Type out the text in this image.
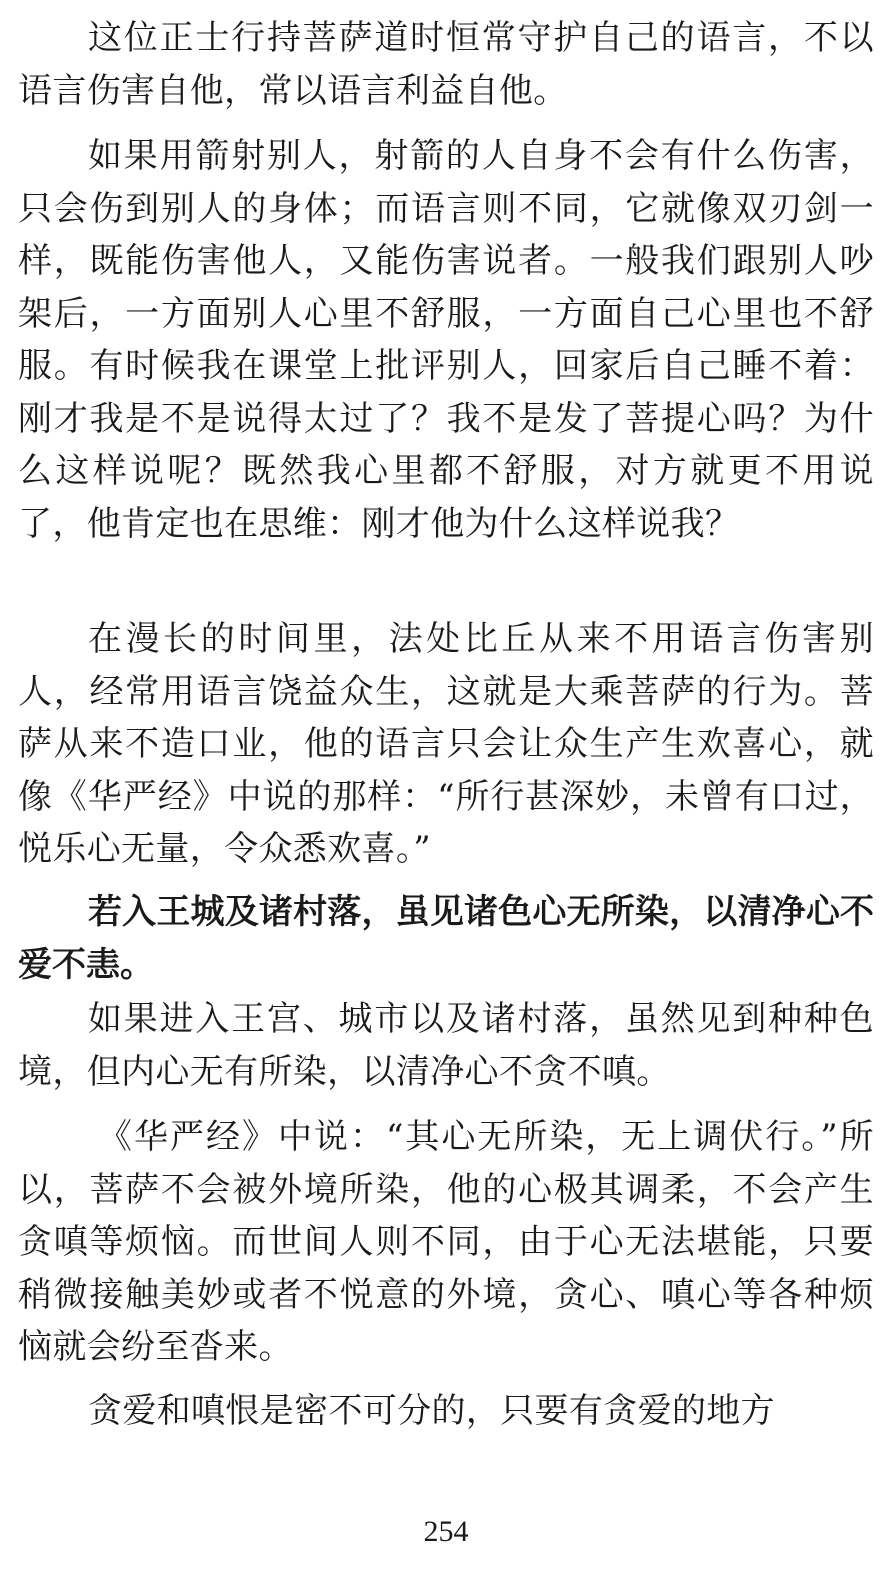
这位正士行持菩萨道时恒常守护自己的语言，不以语言伤害自他，常以语言利益自他。

如果用箭射别人，射箭的人自身不会有什么伤害，只会伤到别人的身体；而语言则不同，它就像双刃剑一样，既能伤害他人，又能伤害说者。一般我们跟别人吵架后，一方面别人心里不舒服，一方面自己心里也不舒服。有时候我在课堂上批评别人，回家后自己睡不着：刚才我是不是说得太过了？我不是发了菩提心吗？为什么这样说呢？既然我心里都不舒服，对方就更不用说了，他肯定也在思维：刚才他为什么这样说我？

在漫长的时间里，法处比丘从来不用语言伤害别人，经常用语言饶益众生，这就是大乘菩萨的行为。菩萨从来不造口业，他的语言只会让众生产生欢喜心，就像《华严经》中说的那样：“所行甚深妙，未曾有口过，悦乐心无量，令众悉欢喜。”

若入王城及诸村落，虽见诸色心无所染，以清净心不爱不恚。

如果进入王宫、城市以及诸村落，虽然见到种种色境，但内心无有所染，以清净心不贪不嗔。

《华严经》中说：“其心无所染，无上调伏行。”所以，菩萨不会被外境所染，他的心极其调柔，不会产生贪嗔等烦恼。而世间人则不同，由于心无法堪能，只要稍微接触美妙或者不悦意的外境，贪心、嗔心等各种烦恼就会纷至沓来。

贪爱和嗔恨是密不可分的，只要有贪爱的地方

254
